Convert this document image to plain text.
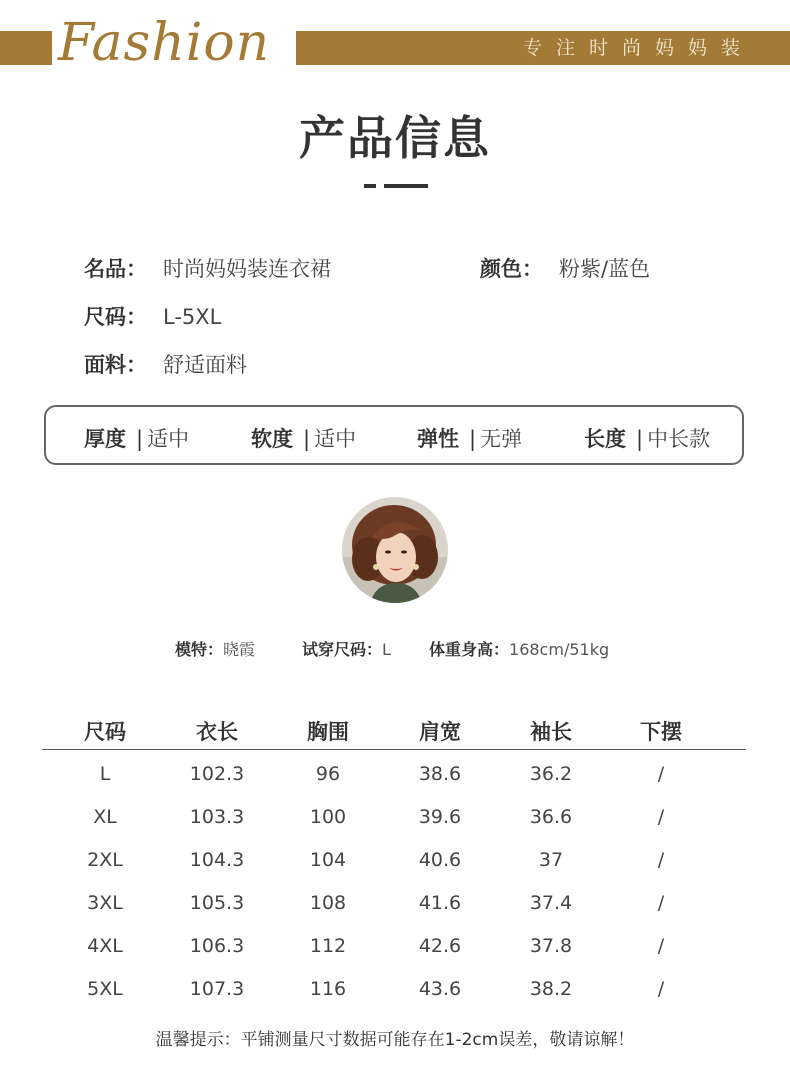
Fashion	专注时尚妈妈装
产品信息
名品： 时尚妈妈装连衣裙	颜色： 粉紫/蓝色
尺码： L-5XL
面料： 舒适面料
厚度 | 适中	软度 | 适中	弹性 | 无弹	长度 | 中长款
模特：晓霞	试穿尺码：L 体重身高：168cm/51kg
尺码	衣长	胸围	肩宽	袖长	下摆
L	102.3	96	38.6	36.2	/
XL	103.3	100	39.6	36.6	/
2XL	104.3	104	40.6	37	/
3XL	105.3	108	41.6	37.4	/
4XL	106.3	112	42.6	37.8	/
5XL	107.3	116	43.6	38.2	/
温馨提示：平铺测量尺寸数据可能存在1-2cm误差，敬请谅解！
